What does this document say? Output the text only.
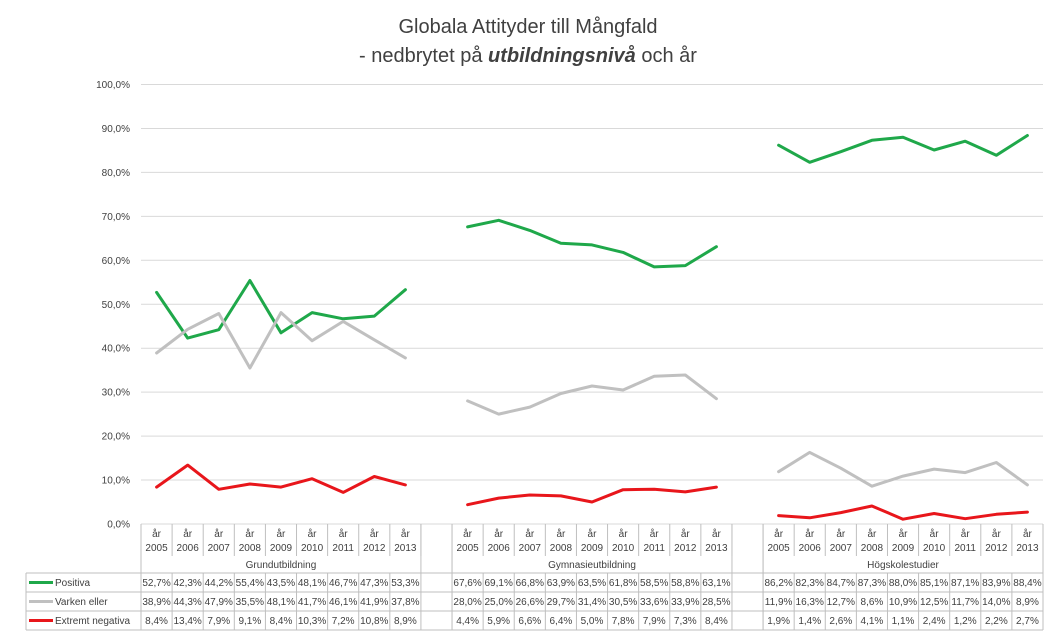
Globala Attityder till Mångfald
- nedbrytet på utbildningsnivå och år
0,0%
10,0%
20,0%
30,0%
40,0%
50,0%
60,0%
70,0%
80,0%
90,0%
100,0%
Grundutbildning
år
2005
år
2006
år
2007
år
2008
år
2009
år
2010
år
2011
år
2012
år
2013
Gymnasieutbildning
år
2005
år
2006
år
2007
år
2008
år
2009
år
2010
år
2011
år
2012
år
2013
Högskolestudier
år
2005
år
2006
år
2007
år
2008
år
2009
år
2010
år
2011
år
2012
år
2013
Positiva	52,7% 42,3% 44,2% 55,4% 43,5% 48,1% 46,7% 47,3% 53,3%	67,6% 69,1% 66,8% 63,9% 63,5% 61,8% 58,5% 58,8% 63,1%	86,2% 82,3% 84,7% 87,3% 88,0% 85,1% 87,1% 83,9% 88,4%
Varken eller	38,9% 44,3% 47,9% 35,5% 48,1% 41,7% 46,1% 41,9% 37,8%	28,0% 25,0% 26,6% 29,7% 31,4% 30,5% 33,6% 33,9% 28,5%	11,9% 16,3% 12,7% 8,6% 10,9% 12,5% 11,7% 14,0% 8,9%
Extremt negativa 8,4% 13,4% 7,9% 9,1% 8,4% 10,3% 7,2% 10,8% 8,9%	4,4% 5,9% 6,6% 6,4% 5,0% 7,8% 7,9% 7,3% 8,4%	1,9% 1,4% 2,6% 4,1% 1,1% 2,4% 1,2% 2,2% 2,7%
